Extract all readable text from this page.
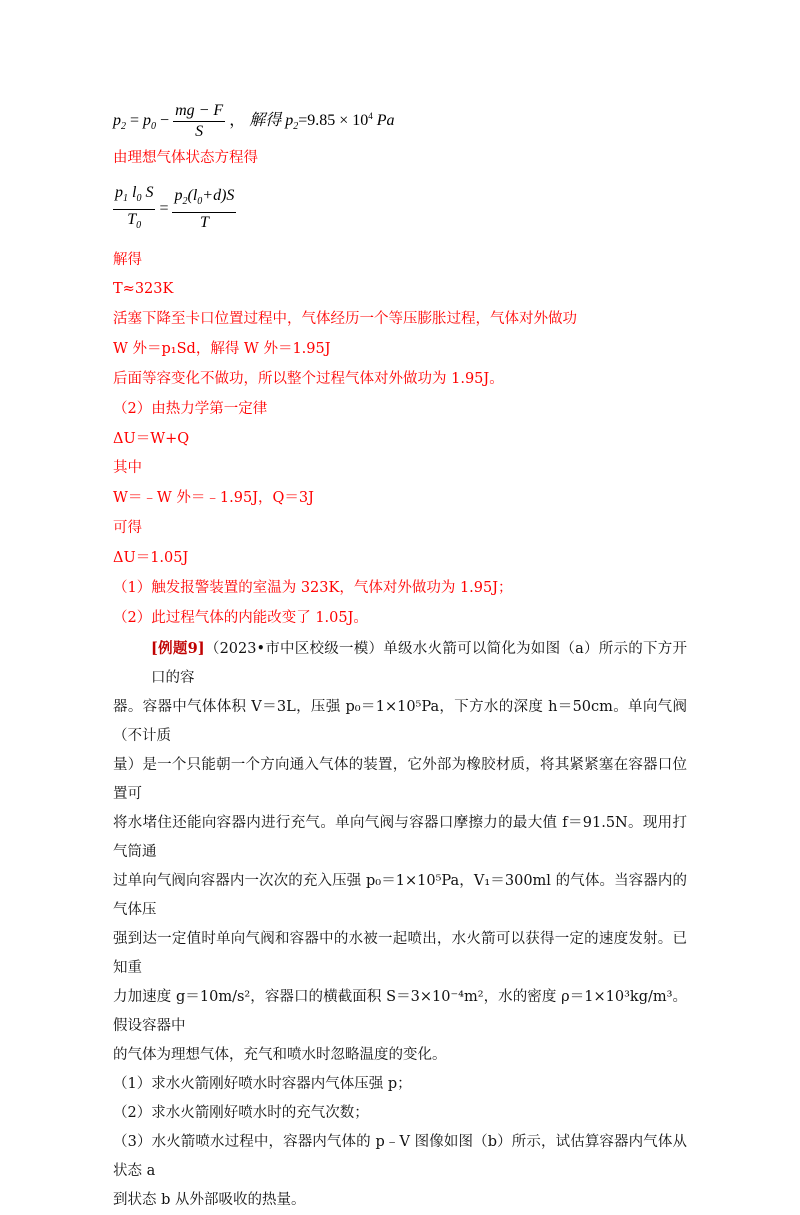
$p_2 = p_0 - \frac{mg - F}{S}$ ， 解得 $p_2=9.85 \times 10^4$ Pa
由理想气体状态方程得
$\frac{p_1 l_0 S}{T_0} = \frac{p_2(l_0+d)S}{T}$
解得
T≈323K
活塞下降至卡口位置过程中，气体经历一个等压膨胀过程，气体对外做功
W 外＝p₁Sd，解得 W 外＝1.95J
后面等容变化不做功，所以整个过程气体对外做功为 1.95J。
（2）由热力学第一定律
ΔU＝W+Q
其中
W＝﹣W 外＝﹣1.95J，Q＝3J
可得
ΔU＝1.05J
（1）触发报警装置的室温为 323K，气体对外做功为 1.95J；
（2）此过程气体的内能改变了 1.05J。

[例题9]（2023•市中区校级一模）单级水火箭可以简化为如图（a）所示的下方开口的容

器。容器中气体体积 V＝3L，压强 p₀＝1×10⁵Pa，下方水的深度 h＝50cm。单向气阀（不计质

量）是一个只能朝一个方向通入气体的装置，它外部为橡胶材质，将其紧紧塞在容器口位置可

将水堵住还能向容器内进行充气。单向气阀与容器口摩擦力的最大值 f＝91.5N。现用打气筒通

过单向气阀向容器内一次次的充入压强 p₀＝1×10⁵Pa，V₁＝300ml 的气体。当容器内的气体压

强到达一定值时单向气阀和容器中的水被一起喷出，水火箭可以获得一定的速度发射。已知重

力加速度 g＝10m/s²，容器口的横截面积 S＝3×10⁻⁴m²，水的密度 ρ＝1×10³kg/m³。假设容器中

的气体为理想气体，充气和喷水时忽略温度的变化。

（1）求水火箭刚好喷水时容器内气体压强 p；

（2）求水火箭刚好喷水时的充气次数；

（3）水火箭喷水过程中，容器内气体的 p﹣V 图像如图（b）所示，试估算容器内气体从状态 a

到状态 b 从外部吸收的热量。
